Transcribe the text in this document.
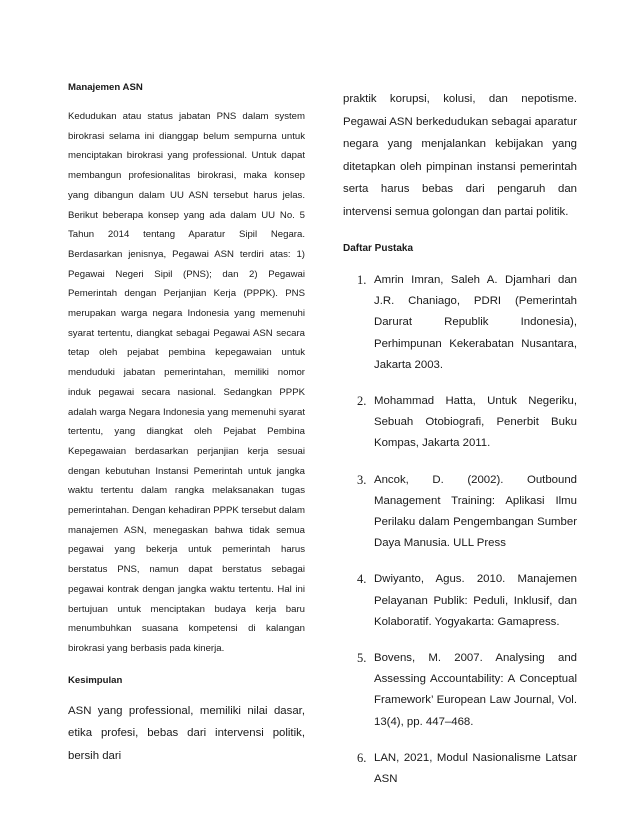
Manajemen ASN

Kedudukan atau status jabatan PNS dalam system birokrasi selama ini dianggap belum sempurna untuk menciptakan birokrasi yang professional. Untuk dapat membangun profesionalitas birokrasi, maka konsep yang dibangun dalam UU ASN tersebut harus jelas. Berikut beberapa konsep yang ada dalam UU No. 5 Tahun 2014 tentang Aparatur Sipil Negara. Berdasarkan jenisnya, Pegawai ASN terdiri atas: 1) Pegawai Negeri Sipil (PNS); dan 2) Pegawai Pemerintah dengan Perjanjian Kerja (PPPK). PNS merupakan warga negara Indonesia yang memenuhi syarat tertentu, diangkat sebagai Pegawai ASN secara tetap oleh pejabat pembina kepegawaian untuk menduduki jabatan pemerintahan, memiliki nomor induk pegawai secara nasional. Sedangkan PPPK adalah warga Negara Indonesia yang memenuhi syarat tertentu, yang diangkat oleh Pejabat Pembina Kepegawaian berdasarkan perjanjian kerja sesuai dengan kebutuhan Instansi Pemerintah untuk jangka waktu tertentu dalam rangka melaksanakan tugas pemerintahan. Dengan kehadiran PPPK tersebut dalam manajemen ASN, menegaskan bahwa tidak semua pegawai yang bekerja untuk pemerintah harus berstatus PNS, namun dapat berstatus sebagai pegawai kontrak dengan jangka waktu tertentu. Hal ini bertujuan untuk menciptakan budaya kerja baru menumbuhkan suasana kompetensi di kalangan birokrasi yang berbasis pada kinerja.

Kesimpulan

ASN yang professional, memiliki nilai dasar, etika profesi, bebas dari intervensi politik, bersih dari

praktik korupsi, kolusi, dan nepotisme. Pegawai ASN berkedudukan sebagai aparatur negara yang menjalankan kebijakan yang ditetapkan oleh pimpinan instansi pemerintah serta harus bebas dari pengaruh dan intervensi semua golongan dan partai politik.

Daftar Pustaka
1. Amrin Imran, Saleh A. Djamhari dan J.R. Chaniago, PDRI (Pemerintah Darurat Republik Indonesia), Perhimpunan Kekerabatan Nusantara, Jakarta 2003.
2. Mohammad Hatta, Untuk Negeriku, Sebuah Otobiografi, Penerbit Buku Kompas, Jakarta 2011.
3. Ancok, D. (2002). Outbound Management Training: Aplikasi Ilmu Perilaku dalam Pengembangan Sumber Daya Manusia. ULL Press
4. Dwiyanto, Agus. 2010. Manajemen Pelayanan Publik: Peduli, Inklusif, dan Kolaboratif. Yogyakarta: Gamapress.
5. Bovens, M. 2007. Analysing and Assessing Accountability: A Conceptual Framework’ European Law Journal, Vol. 13(4), pp. 447–468.
6. LAN, 2021, Modul Nasionalisme Latsar ASN
